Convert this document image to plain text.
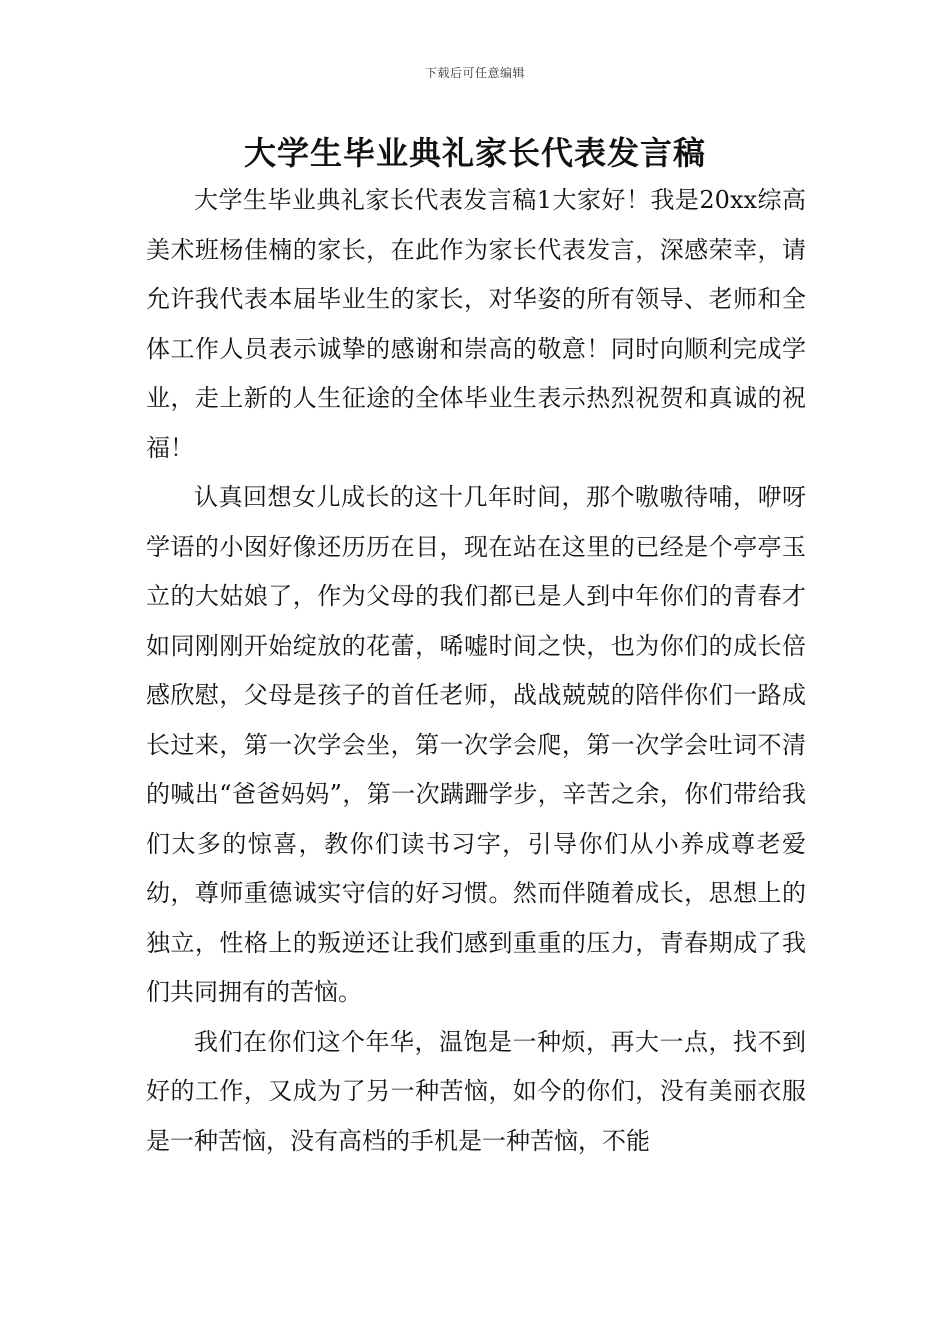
下载后可任意编辑
大学生毕业典礼家长代表发言稿

大学生毕业典礼家长代表发言稿1大家好！我是20xx综高美术班杨佳楠的家长，在此作为家长代表发言，深感荣幸，请允许我代表本届毕业生的家长，对华姿的所有领导、老师和全体工作人员表示诚挚的感谢和崇高的敬意！同时向顺利完成学业，走上新的人生征途的全体毕业生表示热烈祝贺和真诚的祝福！

认真回想女儿成长的这十几年时间，那个嗷嗷待哺，咿呀学语的小囡好像还历历在目，现在站在这里的已经是个亭亭玉立的大姑娘了，作为父母的我们都已是人到中年你们的青春才如同刚刚开始绽放的花蕾，唏嘘时间之快，也为你们的成长倍感欣慰，父母是孩子的首任老师，战战兢兢的陪伴你们一路成长过来，第一次学会坐，第一次学会爬，第一次学会吐词不清的喊出“爸爸妈妈”，第一次蹒跚学步，辛苦之余，你们带给我们太多的惊喜，教你们读书习字，引导你们从小养成尊老爱幼，尊师重德诚实守信的好习惯。然而伴随着成长，思想上的独立，性格上的叛逆还让我们感到重重的压力，青春期成了我们共同拥有的苦恼。

我们在你们这个年华，温饱是一种烦，再大一点，找不到好的工作，又成为了另一种苦恼，如今的你们，没有美丽衣服是一种苦恼，没有高档的手机是一种苦恼，不能
